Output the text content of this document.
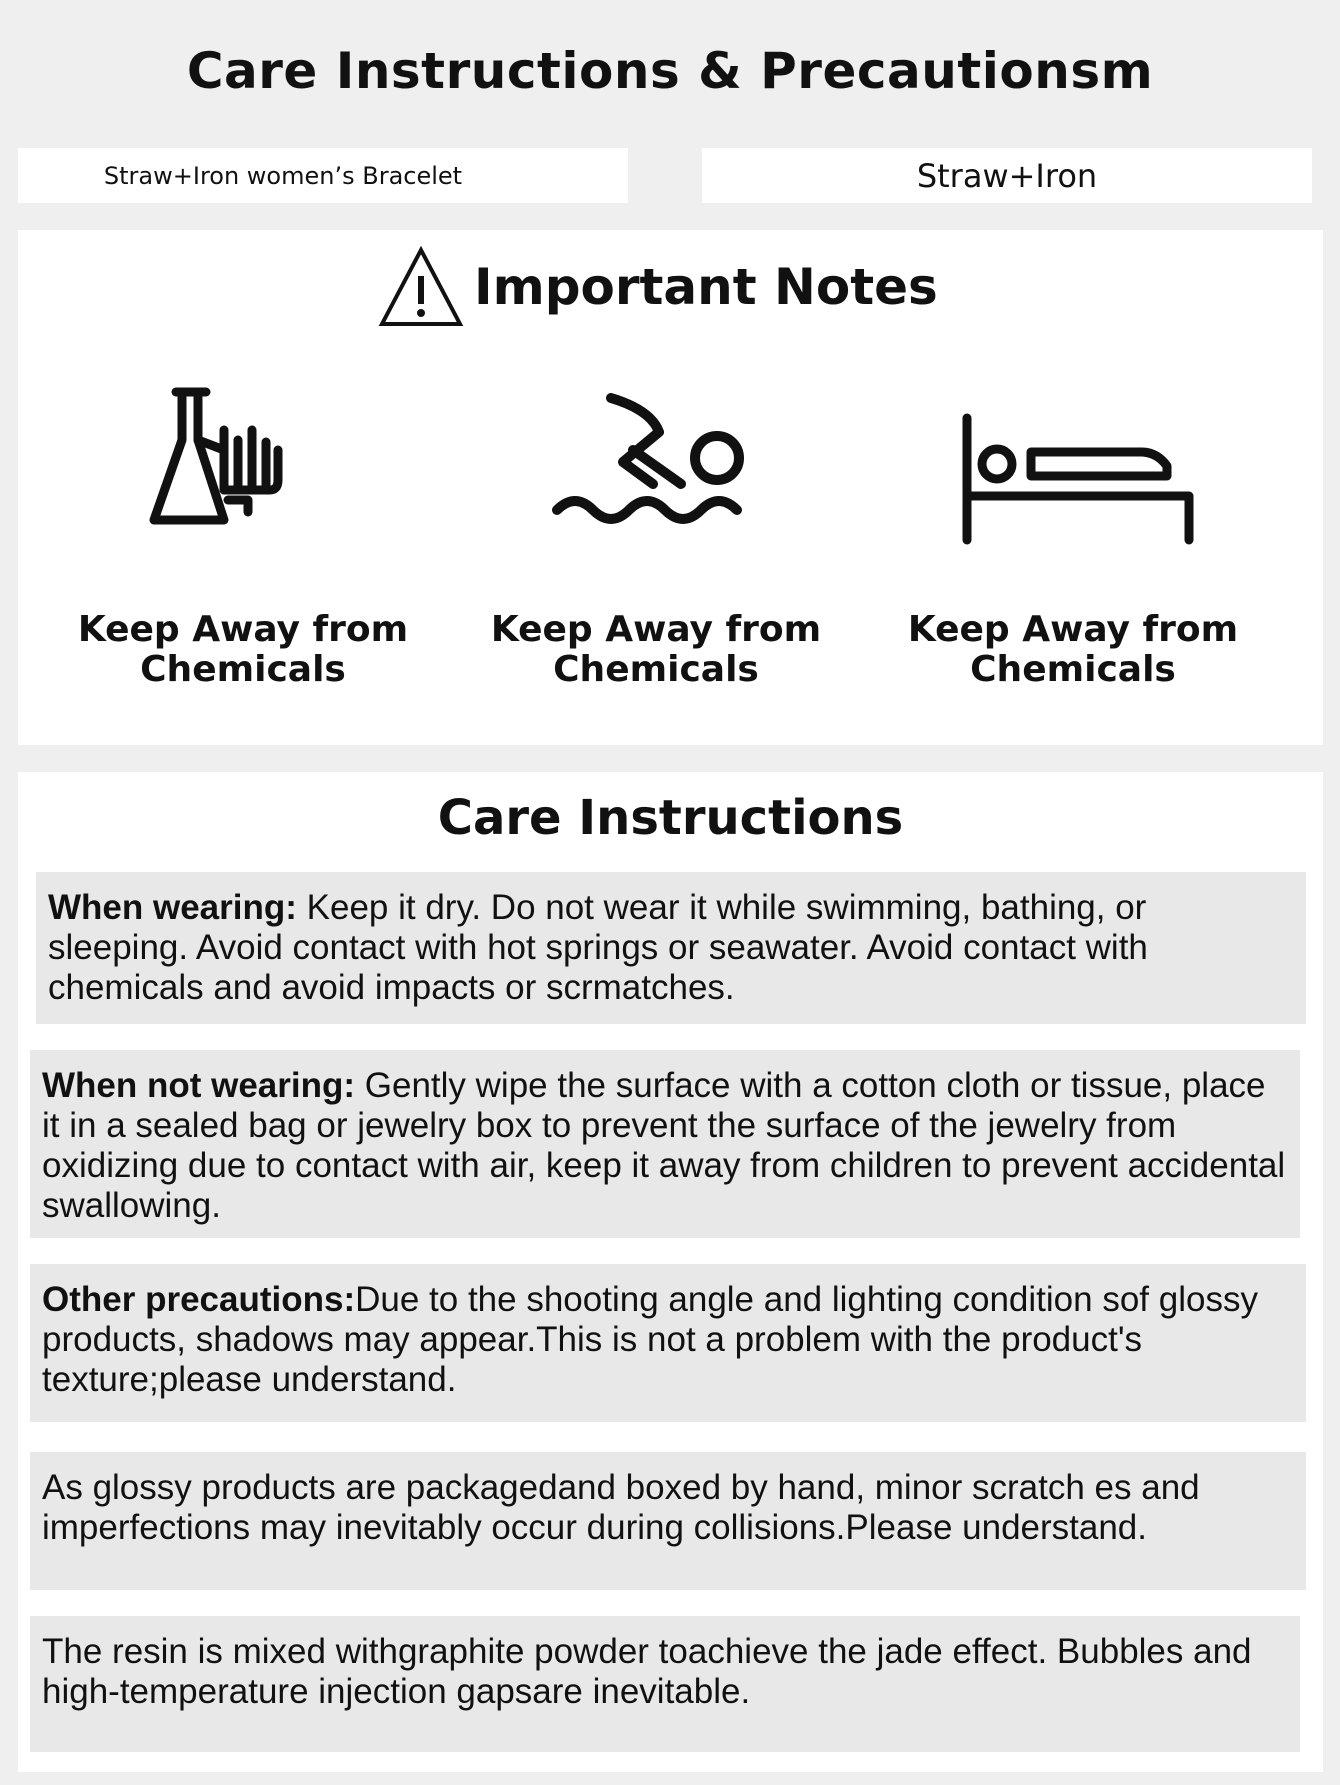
Care Instructions & Precautionsm
Straw+Iron women’s Bracelet	Straw+Iron
Important Notes
Keep Away from
Chemicals
Keep Away from
Chemicals
Keep Away from
Chemicals
Care Instructions
When wearing: Keep it dry. Do not wear it while swimming, bathing, or sleeping. Avoid contact with hot springs or seawater. Avoid contact with chemicals and avoid impacts or scrmatches.
When not wearing: Gently wipe the surface with a cotton cloth or tissue, place it in a sealed bag or jewelry box to prevent the surface of the jewelry from oxidizing due to contact with air, keep it away from children to prevent accidental swallowing.
Other precautions:Due to the shooting angle and lighting condition sof glossy products, shadows may appear.This is not a problem with the product's texture;please understand.
As glossy products are packagedand boxed by hand, minor scratch es and imperfections may inevitably occur during collisions.Please understand.
The resin is mixed withgraphite powder toachieve the jade effect. Bubbles and high-temperature injection gapsare inevitable.
